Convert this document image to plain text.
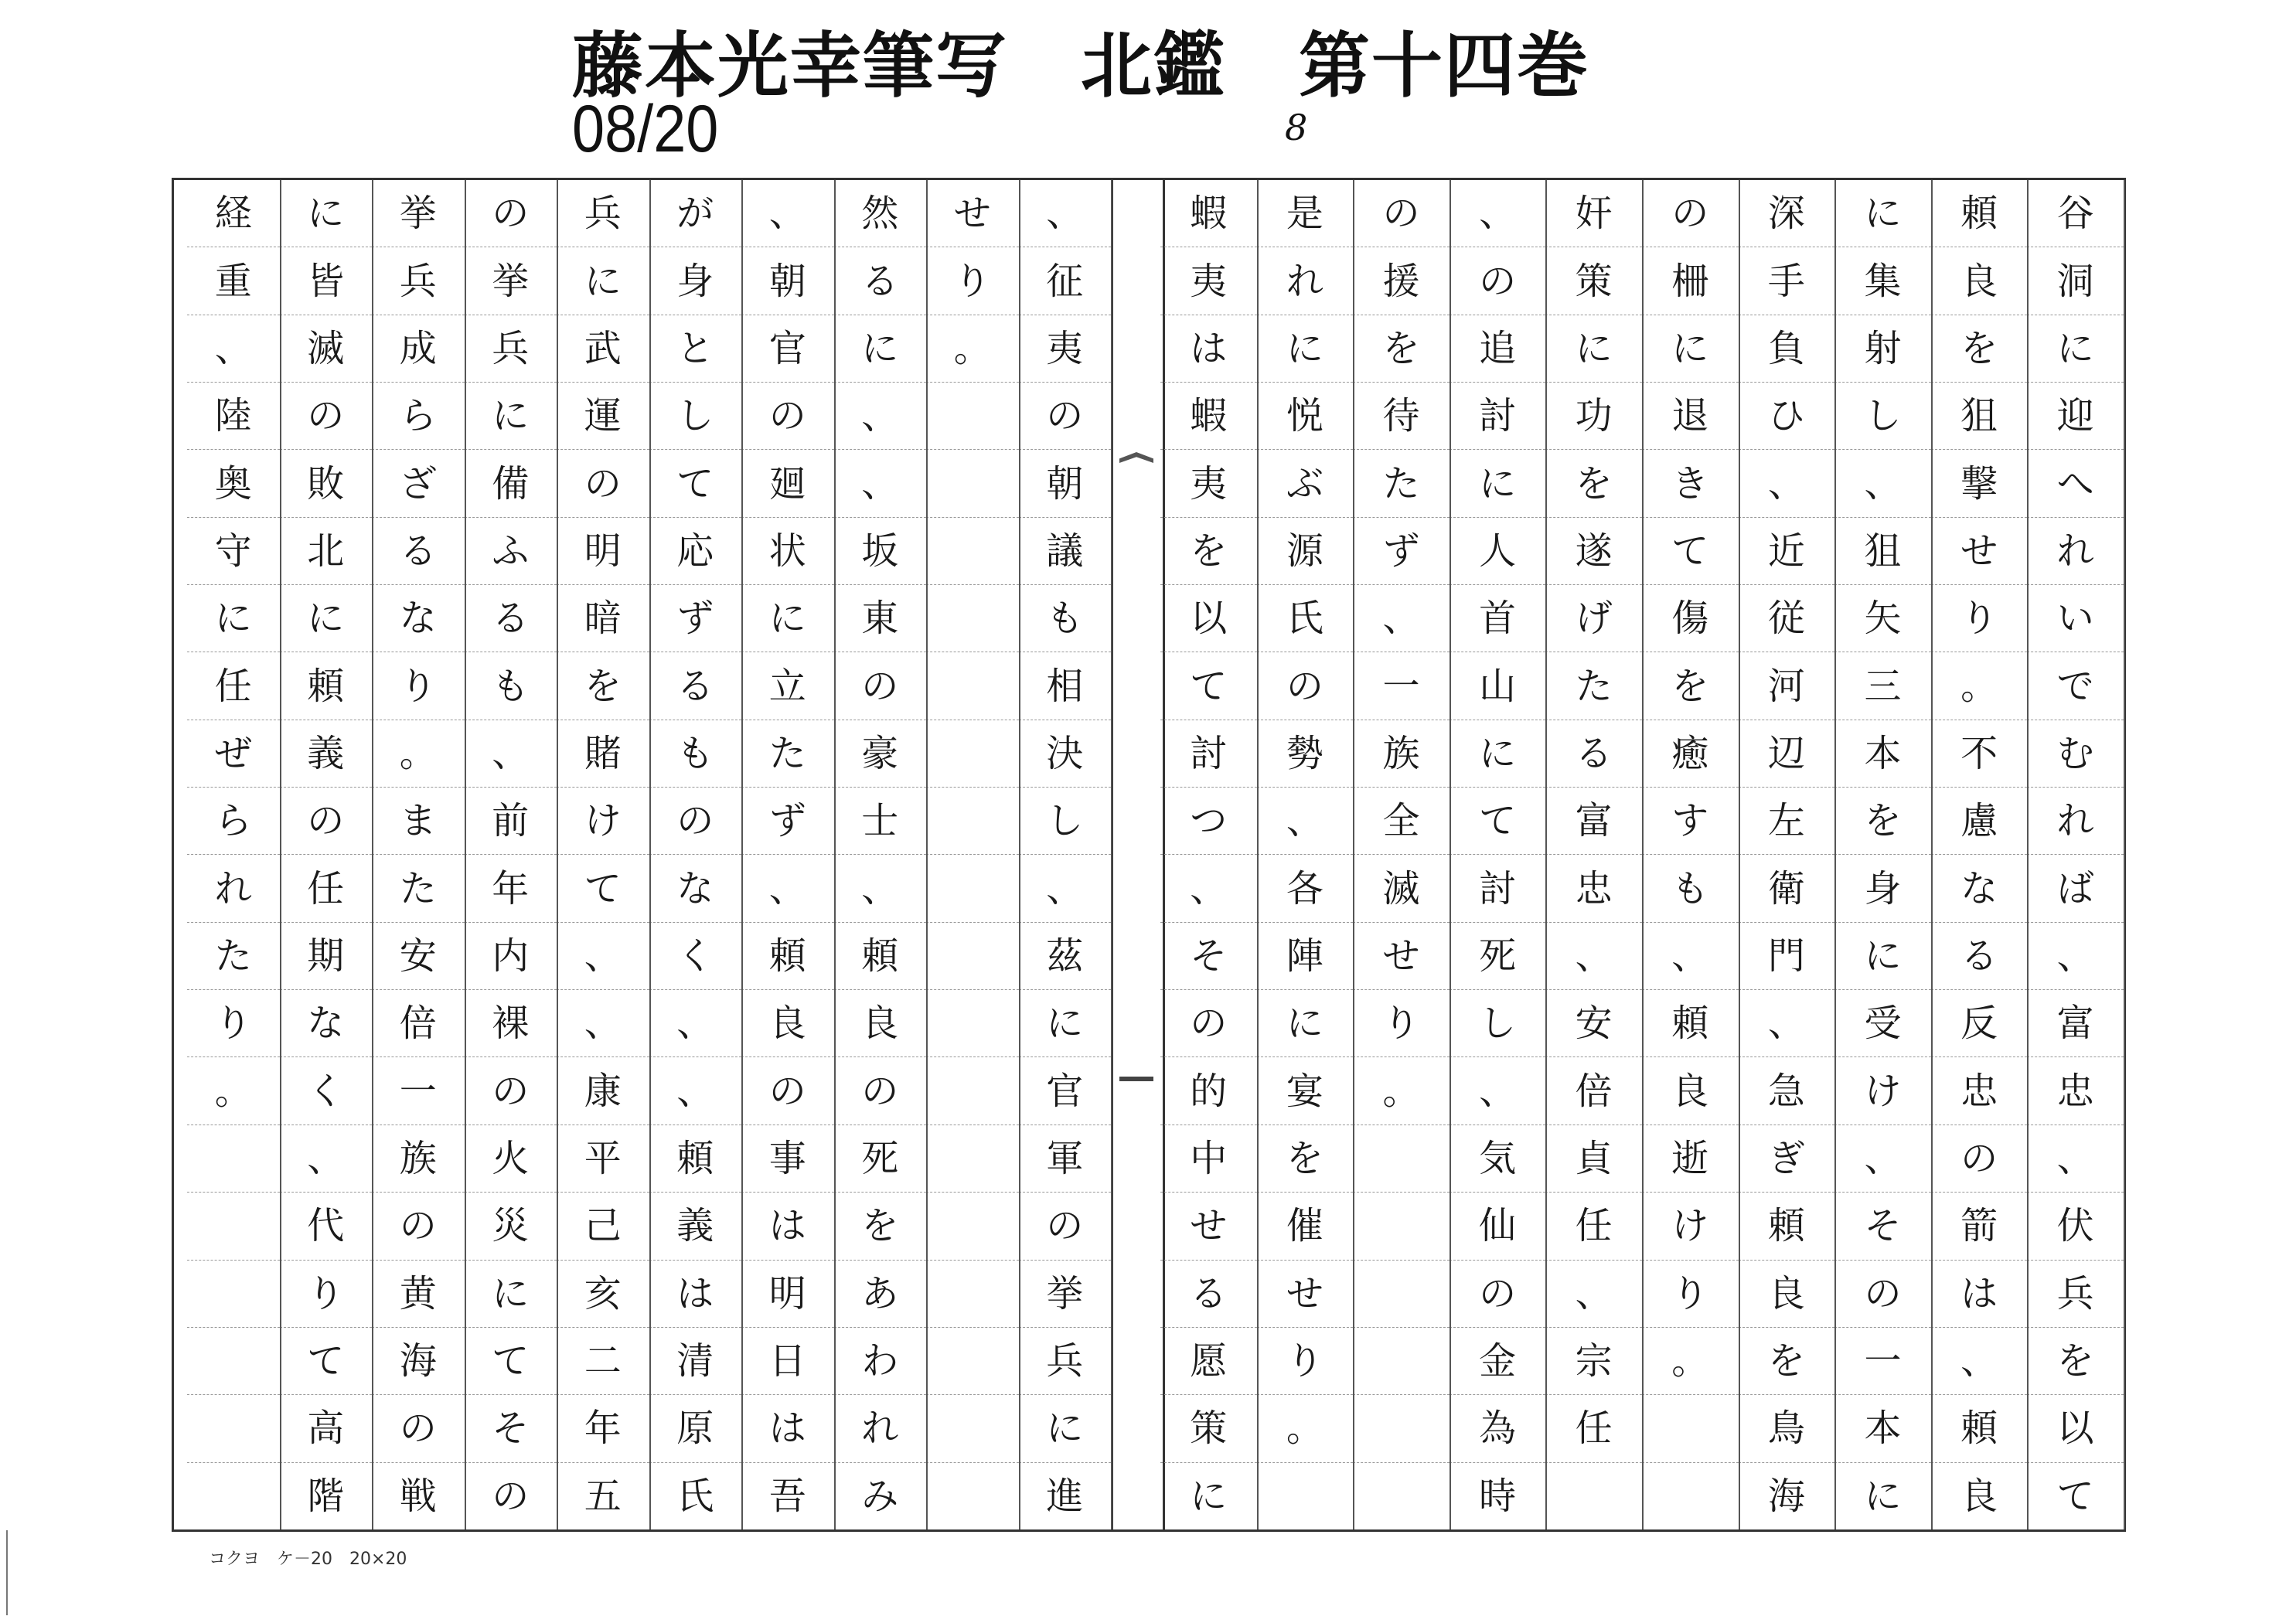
藤本光幸筆写　北鑑　第十四巻
08/20	8
谷
洞
に
迎
へ
れ
い
で
む
れ
ば
、
富
忠
、
伏
兵
を
以
て
頼
良
を
狙
撃
せ
り
。
不
慮
な
る
反
忠
の
箭
は
、
頼
良
に
集
射
し
、
狙
矢
三
本
を
身
に
受
け
、
そ
の
一
本
に
深
手
負
ひ
、
近
従
河
辺
左
衛
門
、
急
ぎ
頼
良
を
鳥
海
の
柵
に
退
き
て
傷
を
癒
す
も
、
頼
良
逝
け
り
。
奸
策
に
功
を
遂
げ
た
る
富
忠
、
安
倍
貞
任
、
宗
任
、
の
追
討
に
人
首
山
に
て
討
死
し
、
気
仙
の
金
為
時
の
援
を
待
た
ず
、
一
族
全
滅
せ
り
。
是
れ
に
悦
ぶ
源
氏
の
勢
、
各
陣
に
宴
を
催
せ
り
。
蝦
夷
は
蝦
夷
を
以
て
討
つ
、
そ
の
的
中
せ
る
愿
策
に
、
征
夷
の
朝
議
も
相
決
し
、
茲
に
官
軍
の
挙
兵
に
進
せ
り
。
然
る
に
、
、
坂
東
の
豪
士
、
頼
良
の
死
を
あ
わ
れ
み
、
朝
官
の
廻
状
に
立
た
ず
、
頼
良
の
事
は
明
日
は
吾
が
身
と
し
て
応
ず
る
も
の
な
く
、
、
頼
義
は
清
原
氏
兵
に
武
運
の
明
暗
を
賭
け
て
、
、
康
平
己
亥
二
年
五
の
挙
兵
に
備
ふ
る
も
、
前
年
内
裸
の
火
災
に
て
そ
の
挙
兵
成
ら
ざ
る
な
り
。
ま
た
安
倍
一
族
の
黄
海
の
戦
に
皆
滅
の
敗
北
に
頼
義
の
任
期
な
く
、
代
り
て
高
階
経
重
、
陸
奥
守
に
任
ぜ
ら
れ
た
り
。
コクヨ　ケ－20　20×20
